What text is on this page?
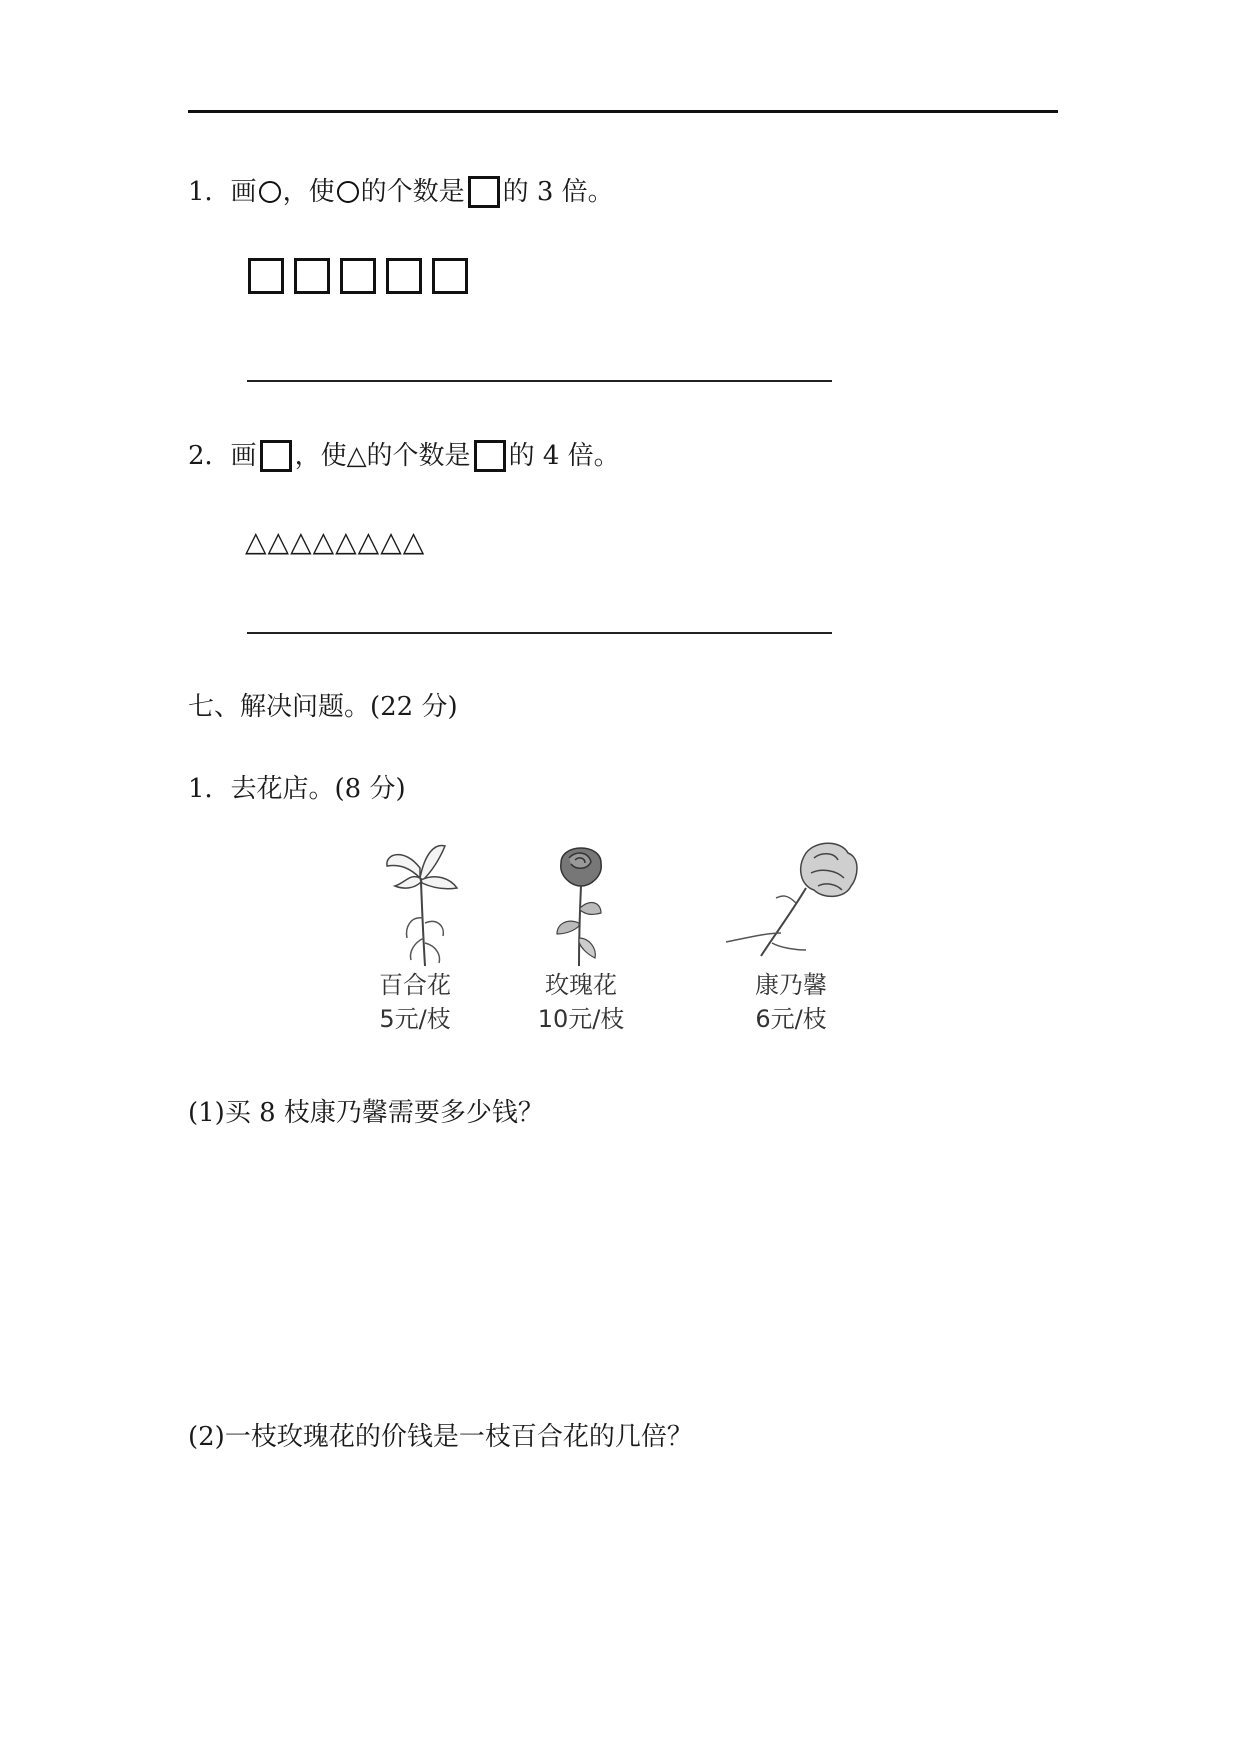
1． 画 ，使 的个数是 的 3 倍。
2． 画 ，使△的个数是 的 4 倍。
△△△△△△△△
七、解决问题。(22 分)
1．去花店。(8 分)
百合花
5元/枝
玫瑰花
10元/枝
康乃馨
6元/枝
(1)买 8 枝康乃馨需要多少钱？
(2)一枝玫瑰花的价钱是一枝百合花的几倍？
